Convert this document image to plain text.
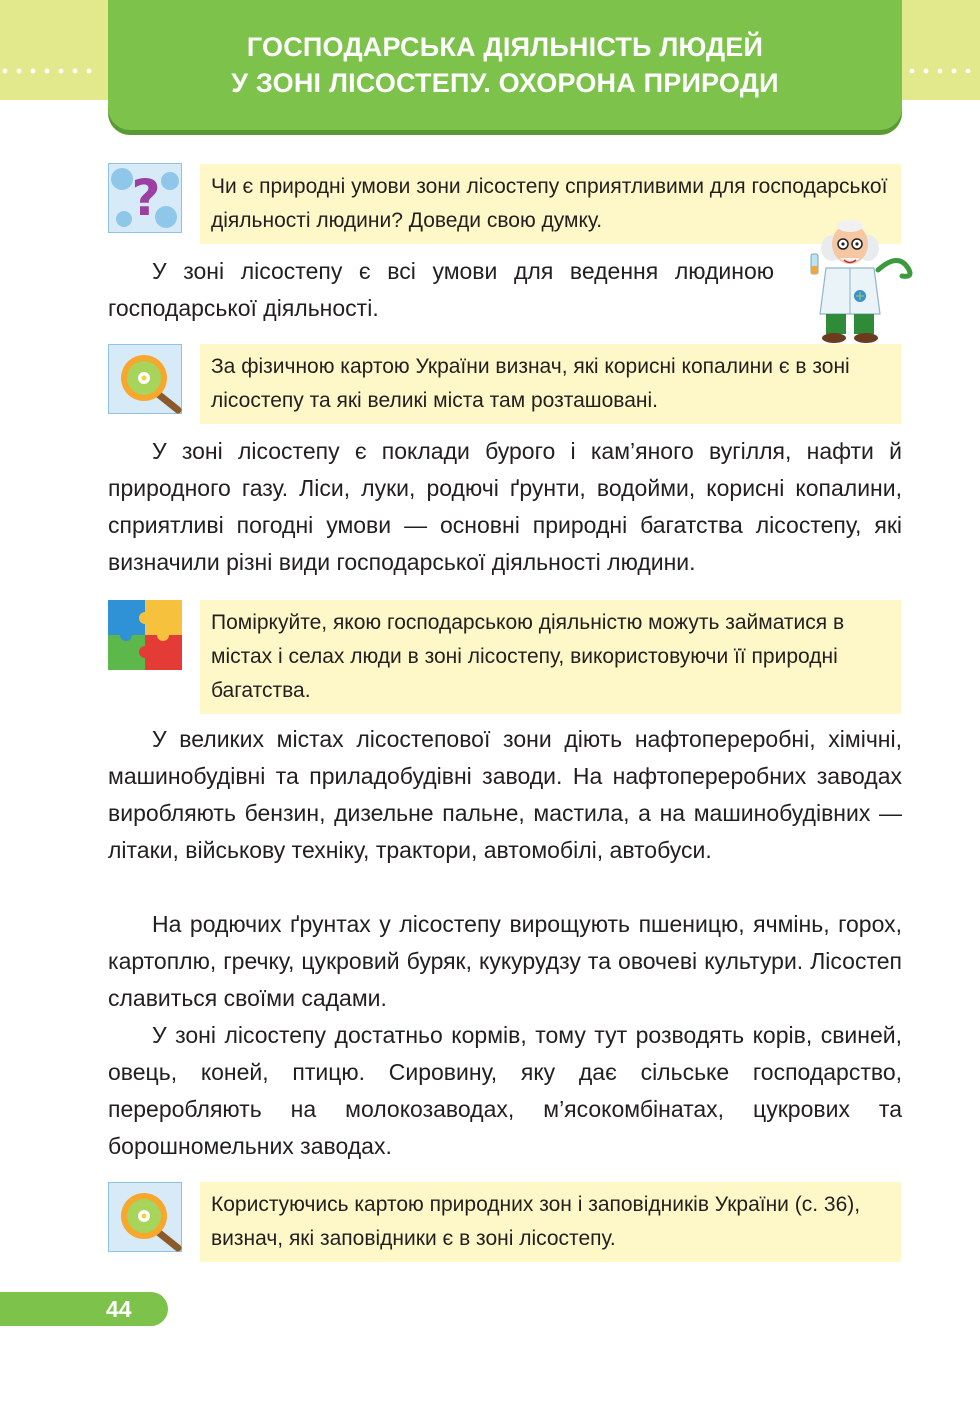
ГОСПОДАРСЬКА ДІЯЛЬНІСТЬ ЛЮДЕЙ
У ЗОНІ ЛІСОСТЕПУ. ОХОРОНА ПРИРОДИ
?	Чи є природні умови зони лісостепу сприятливими для господарської діяльності людини? Доведи свою думку.

У зоні лісостепу є всі умови для ведення людиною господарської діяльності.

За фізичною картою України визнач, які корисні копалини є в зоні лісостепу та які великі міста там розташовані.

У зоні лісостепу є поклади бурого і кам’яного вугілля, нафти й природного газу. Ліси, луки, родючі ґрунти, водойми, корисні копалини, сприятливі погодні умови — основні природні багатства лісостепу, які визначили різні види господарської діяльності людини.

Поміркуйте, якою господарською діяльністю можуть займатися в містах і селах люди в зоні лісостепу, використовуючи її природні багатства.

У великих містах лісостепової зони діють нафтопереробні, хімічні, машинобудівні та приладобудівні заводи. На нафтопереробних заводах виробляють бензин, дизельне пальне, мастила, а на машинобудівних — літаки, військову техніку, трактори, автомобілі, автобуси.

На родючих ґрунтах у лісостепу вирощують пшеницю, ячмінь, горох, картоплю, гречку, цукровий буряк, кукурудзу та овочеві культури. Лісостеп славиться своїми садами.

У зоні лісостепу достатньо кормів, тому тут розводять корів, свиней, овець, коней, птицю. Сировину, яку дає сільське господарство, переробляють на молокозаводах, м’ясокомбінатах, цукрових та борошномельних заводах.

Користуючись картою природних зон і заповідників України (с. 36), визнач, які заповідники є в зоні лісостепу.
44
